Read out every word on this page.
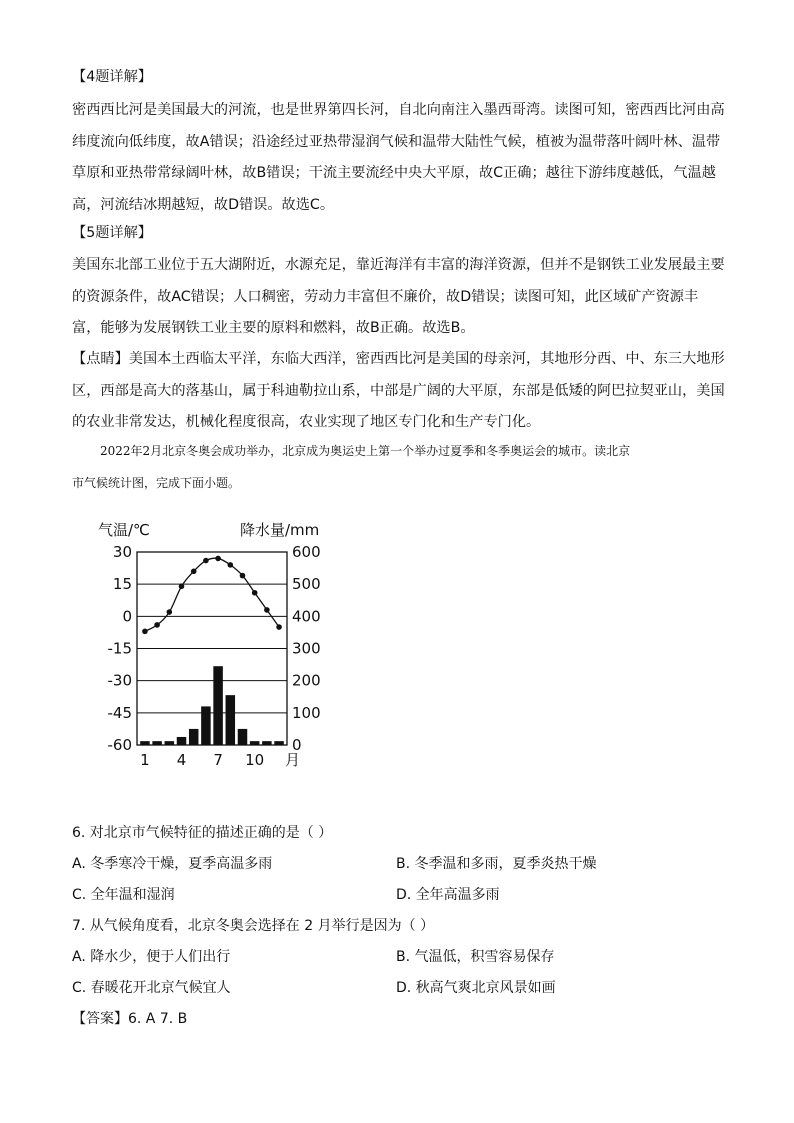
【4题详解】
密西西比河是美国最大的河流，也是世界第四长河，自北向南注入墨西哥湾。读图可知，密西西比河由高
纬度流向低纬度，故A错误；沿途经过亚热带湿润气候和温带大陆性气候，植被为温带落叶阔叶林、温带
草原和亚热带常绿阔叶林，故B错误；干流主要流经中央大平原，故C正确；越往下游纬度越低，气温越
高，河流结冰期越短，故D错误。故选C。
【5题详解】
美国东北部工业位于五大湖附近，水源充足，靠近海洋有丰富的海洋资源，但并不是钢铁工业发展最主要
的资源条件，故AC错误；人口稠密，劳动力丰富但不廉价，故D错误；读图可知，此区域矿产资源丰
富，能够为发展钢铁工业主要的原料和燃料，故B正确。故选B。
【点睛】美国本土西临太平洋，东临大西洋，密西西比河是美国的母亲河，其地形分西、中、东三大地形
区，西部是高大的落基山，属于科迪勒拉山系，中部是广阔的大平原，东部是低矮的阿巴拉契亚山，美国
的农业非常发达，机械化程度很高，农业实现了地区专门化和生产专门化。
2022年2月北京冬奥会成功举办，北京成为奥运史上第一个举办过夏季和冬季奥运会的城市。读北京
市气候统计图，完成下面小题。
气温/℃	降水量/mm
30
15
0
-15
-30
-45
-60
600
500
400
300
200
100
0
1 4 7 10 月
6. 对北京市气候特征的描述正确的是（ ）
A. 冬季寒冷干燥，夏季高温多雨	B. 冬季温和多雨，夏季炎热干燥
C. 全年温和湿润	D. 全年高温多雨
7. 从气候角度看，北京冬奥会选择在 2 月举行是因为（ ）
A. 降水少，便于人们出行	B. 气温低，积雪容易保存
C. 春暖花开北京气候宜人	D. 秋高气爽北京风景如画
【答案】6. A 7. B
